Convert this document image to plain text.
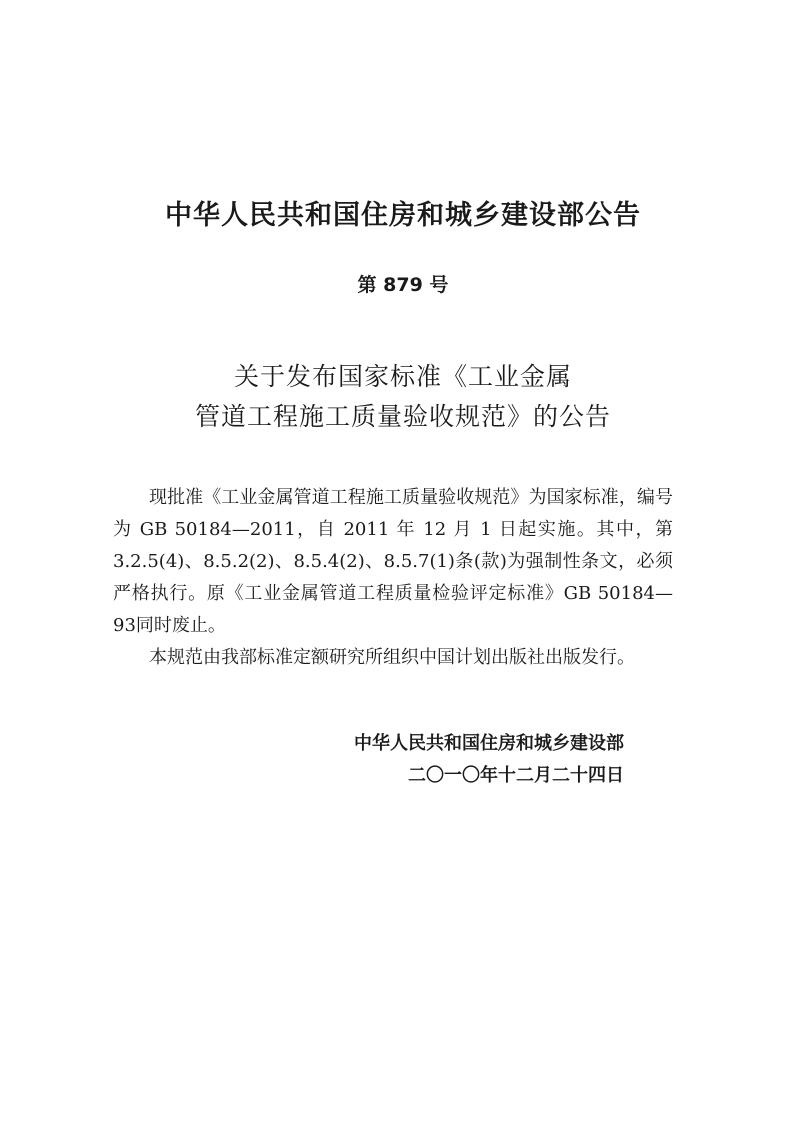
中华人民共和国住房和城乡建设部公告
第 879 号
关于发布国家标准《工业金属
管道工程施工质量验收规范》的公告

现批准《工业金属管道工程施工质量验收规范》为国家标准，编号为 GB 50184—2011，自 2011 年 12 月 1 日起实施。其中，第 3.2.5(4)、8.5.2(2)、8.5.4(2)、8.5.7(1)条(款)为强制性条文，必须严格执行。原《工业金属管道工程质量检验评定标准》GB 50184—93同时废止。

本规范由我部标准定额研究所组织中国计划出版社出版发行。

中华人民共和国住房和城乡建设部
二〇一〇年十二月二十四日
